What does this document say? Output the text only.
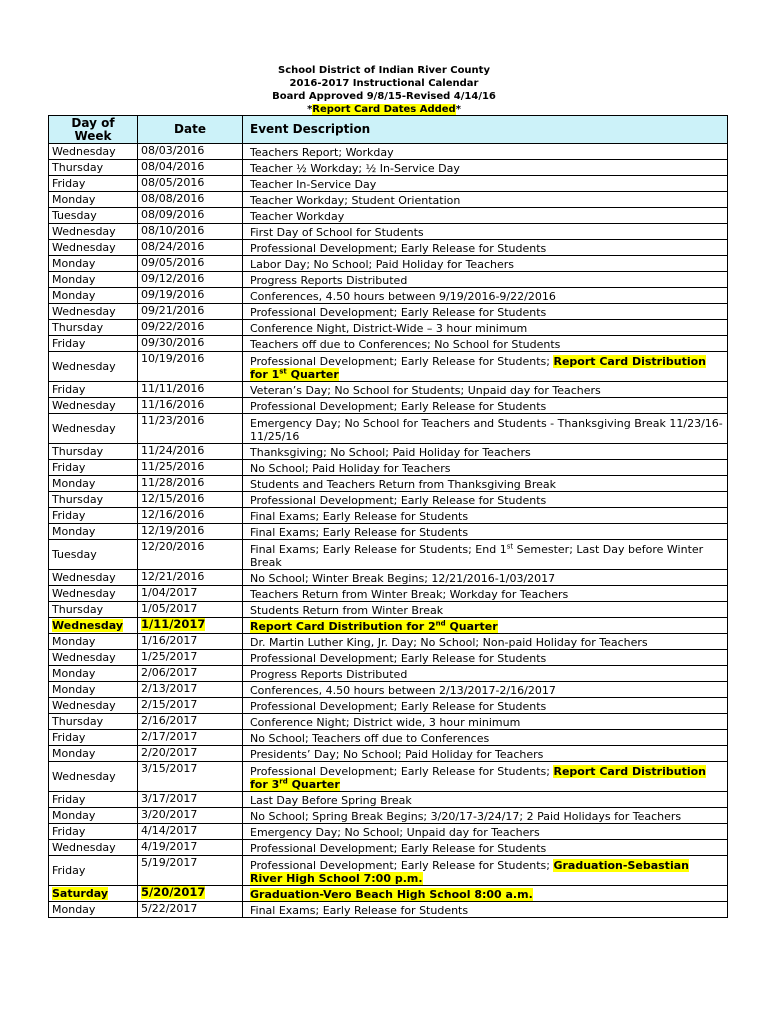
School District of Indian River County
2016-2017 Instructional Calendar
Board Approved 9/8/15-Revised 4/14/16
*Report Card Dates Added*
Day of Week	Date	Event Description
Wednesday	08/03/2016	Teachers Report; Workday
Thursday	08/04/2016	Teacher ½ Workday; ½ In-Service Day
Friday	08/05/2016	Teacher In-Service Day
Monday	08/08/2016	Teacher Workday; Student Orientation
Tuesday	08/09/2016	Teacher Workday
Wednesday	08/10/2016	First Day of School for Students
Wednesday	08/24/2016	Professional Development; Early Release for Students
Monday	09/05/2016	Labor Day; No School; Paid Holiday for Teachers
Monday	09/12/2016	Progress Reports Distributed
Monday	09/19/2016	Conferences, 4.50 hours between 9/19/2016-9/22/2016
Wednesday	09/21/2016	Professional Development; Early Release for Students
Thursday	09/22/2016	Conference Night, District-Wide – 3 hour minimum
Friday	09/30/2016	Teachers off due to Conferences; No School for Students
Wednesday	10/19/2016	Professional Development; Early Release for Students; Report Card Distribution for 1st Quarter
Friday	11/11/2016	Veteran’s Day; No School for Students; Unpaid day for Teachers
Wednesday	11/16/2016	Professional Development; Early Release for Students
Wednesday	11/23/2016	Emergency Day; No School for Teachers and Students - Thanksgiving Break 11/23/16-11/25/16
Thursday	11/24/2016	Thanksgiving; No School; Paid Holiday for Teachers
Friday	11/25/2016	No School; Paid Holiday for Teachers
Monday	11/28/2016	Students and Teachers Return from Thanksgiving Break
Thursday	12/15/2016	Professional Development; Early Release for Students
Friday	12/16/2016	Final Exams; Early Release for Students
Monday	12/19/2016	Final Exams; Early Release for Students
Tuesday	12/20/2016	Final Exams; Early Release for Students; End 1st Semester; Last Day before Winter Break
Wednesday	12/21/2016	No School; Winter Break Begins; 12/21/2016-1/03/2017
Wednesday	1/04/2017	Teachers Return from Winter Break; Workday for Teachers
Thursday	1/05/2017	Students Return from Winter Break
Wednesday	1/11/2017	Report Card Distribution for 2nd Quarter
Monday	1/16/2017	Dr. Martin Luther King, Jr. Day; No School; Non-paid Holiday for Teachers
Wednesday	1/25/2017	Professional Development; Early Release for Students
Monday	2/06/2017	Progress Reports Distributed
Monday	2/13/2017	Conferences, 4.50 hours between 2/13/2017-2/16/2017
Wednesday	2/15/2017	Professional Development; Early Release for Students
Thursday	2/16/2017	Conference Night; District wide, 3 hour minimum
Friday	2/17/2017	No School; Teachers off due to Conferences
Monday	2/20/2017	Presidents’ Day; No School; Paid Holiday for Teachers
Wednesday	3/15/2017	Professional Development; Early Release for Students; Report Card Distribution for 3rd Quarter
Friday	3/17/2017	Last Day Before Spring Break
Monday	3/20/2017	No School; Spring Break Begins; 3/20/17-3/24/17; 2 Paid Holidays for Teachers
Friday	4/14/2017	Emergency Day; No School; Unpaid day for Teachers
Wednesday	4/19/2017	Professional Development; Early Release for Students
Friday	5/19/2017	Professional Development; Early Release for Students; Graduation-Sebastian River High School 7:00 p.m.
Saturday	5/20/2017	Graduation-Vero Beach High School 8:00 a.m.
Monday	5/22/2017	Final Exams; Early Release for Students
